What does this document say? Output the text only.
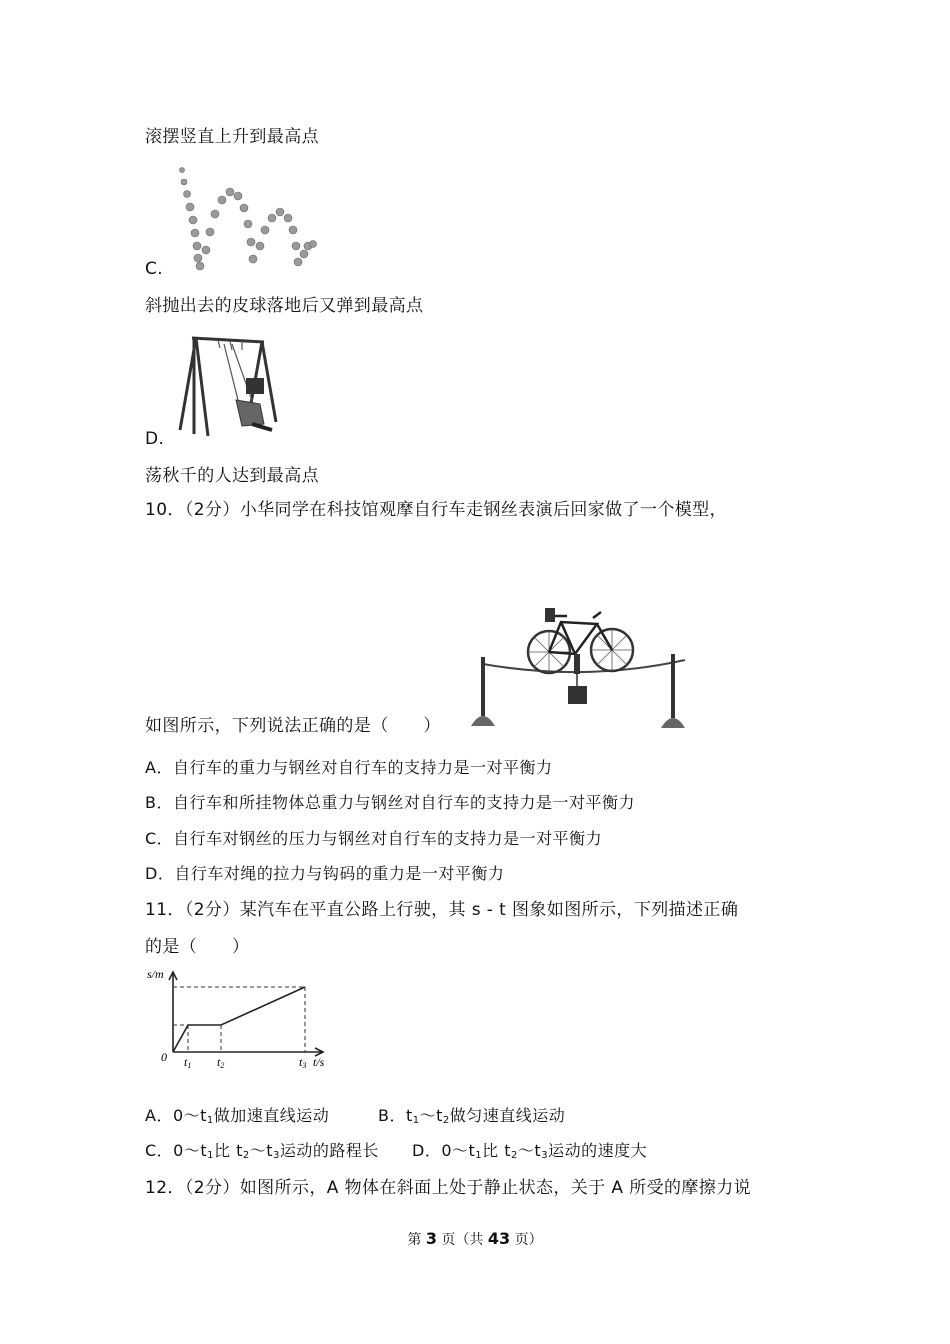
滚摆竖直上升到最高点
C.
斜抛出去的皮球落地后又弹到最高点
D.
荡秋千的人达到最高点
10．（2分）小华同学在科技馆观摩自行车走钢丝表演后回家做了一个模型，
如图所示，下列说法正确的是（　　）
A．自行车的重力与钢丝对自行车的支持力是一对平衡力
B．自行车和所挂物体总重力与钢丝对自行车的支持力是一对平衡力
C．自行车对钢丝的压力与钢丝对自行车的支持力是一对平衡力
D．自行车对绳的拉力与钩码的重力是一对平衡力
11．（2分）某汽车在平直公路上行驶，其 s - t 图象如图所示，下列描述正确
的是（　　）
s/m
0 t1 t2	t3 t/s
A．$0\sim t_1$做加速直线运动	B．$t_1\sim t_2$做匀速直线运动
C．$0\sim t_1$比 $t_2\sim t_3$运动的路程长 D．$0\sim t_1$比 $t_2\sim t_3$运动的速度大
12．（2分）如图所示，A 物体在斜面上处于静止状态，关于 A 所受的摩擦力说
第 3 页（共 43 页）
